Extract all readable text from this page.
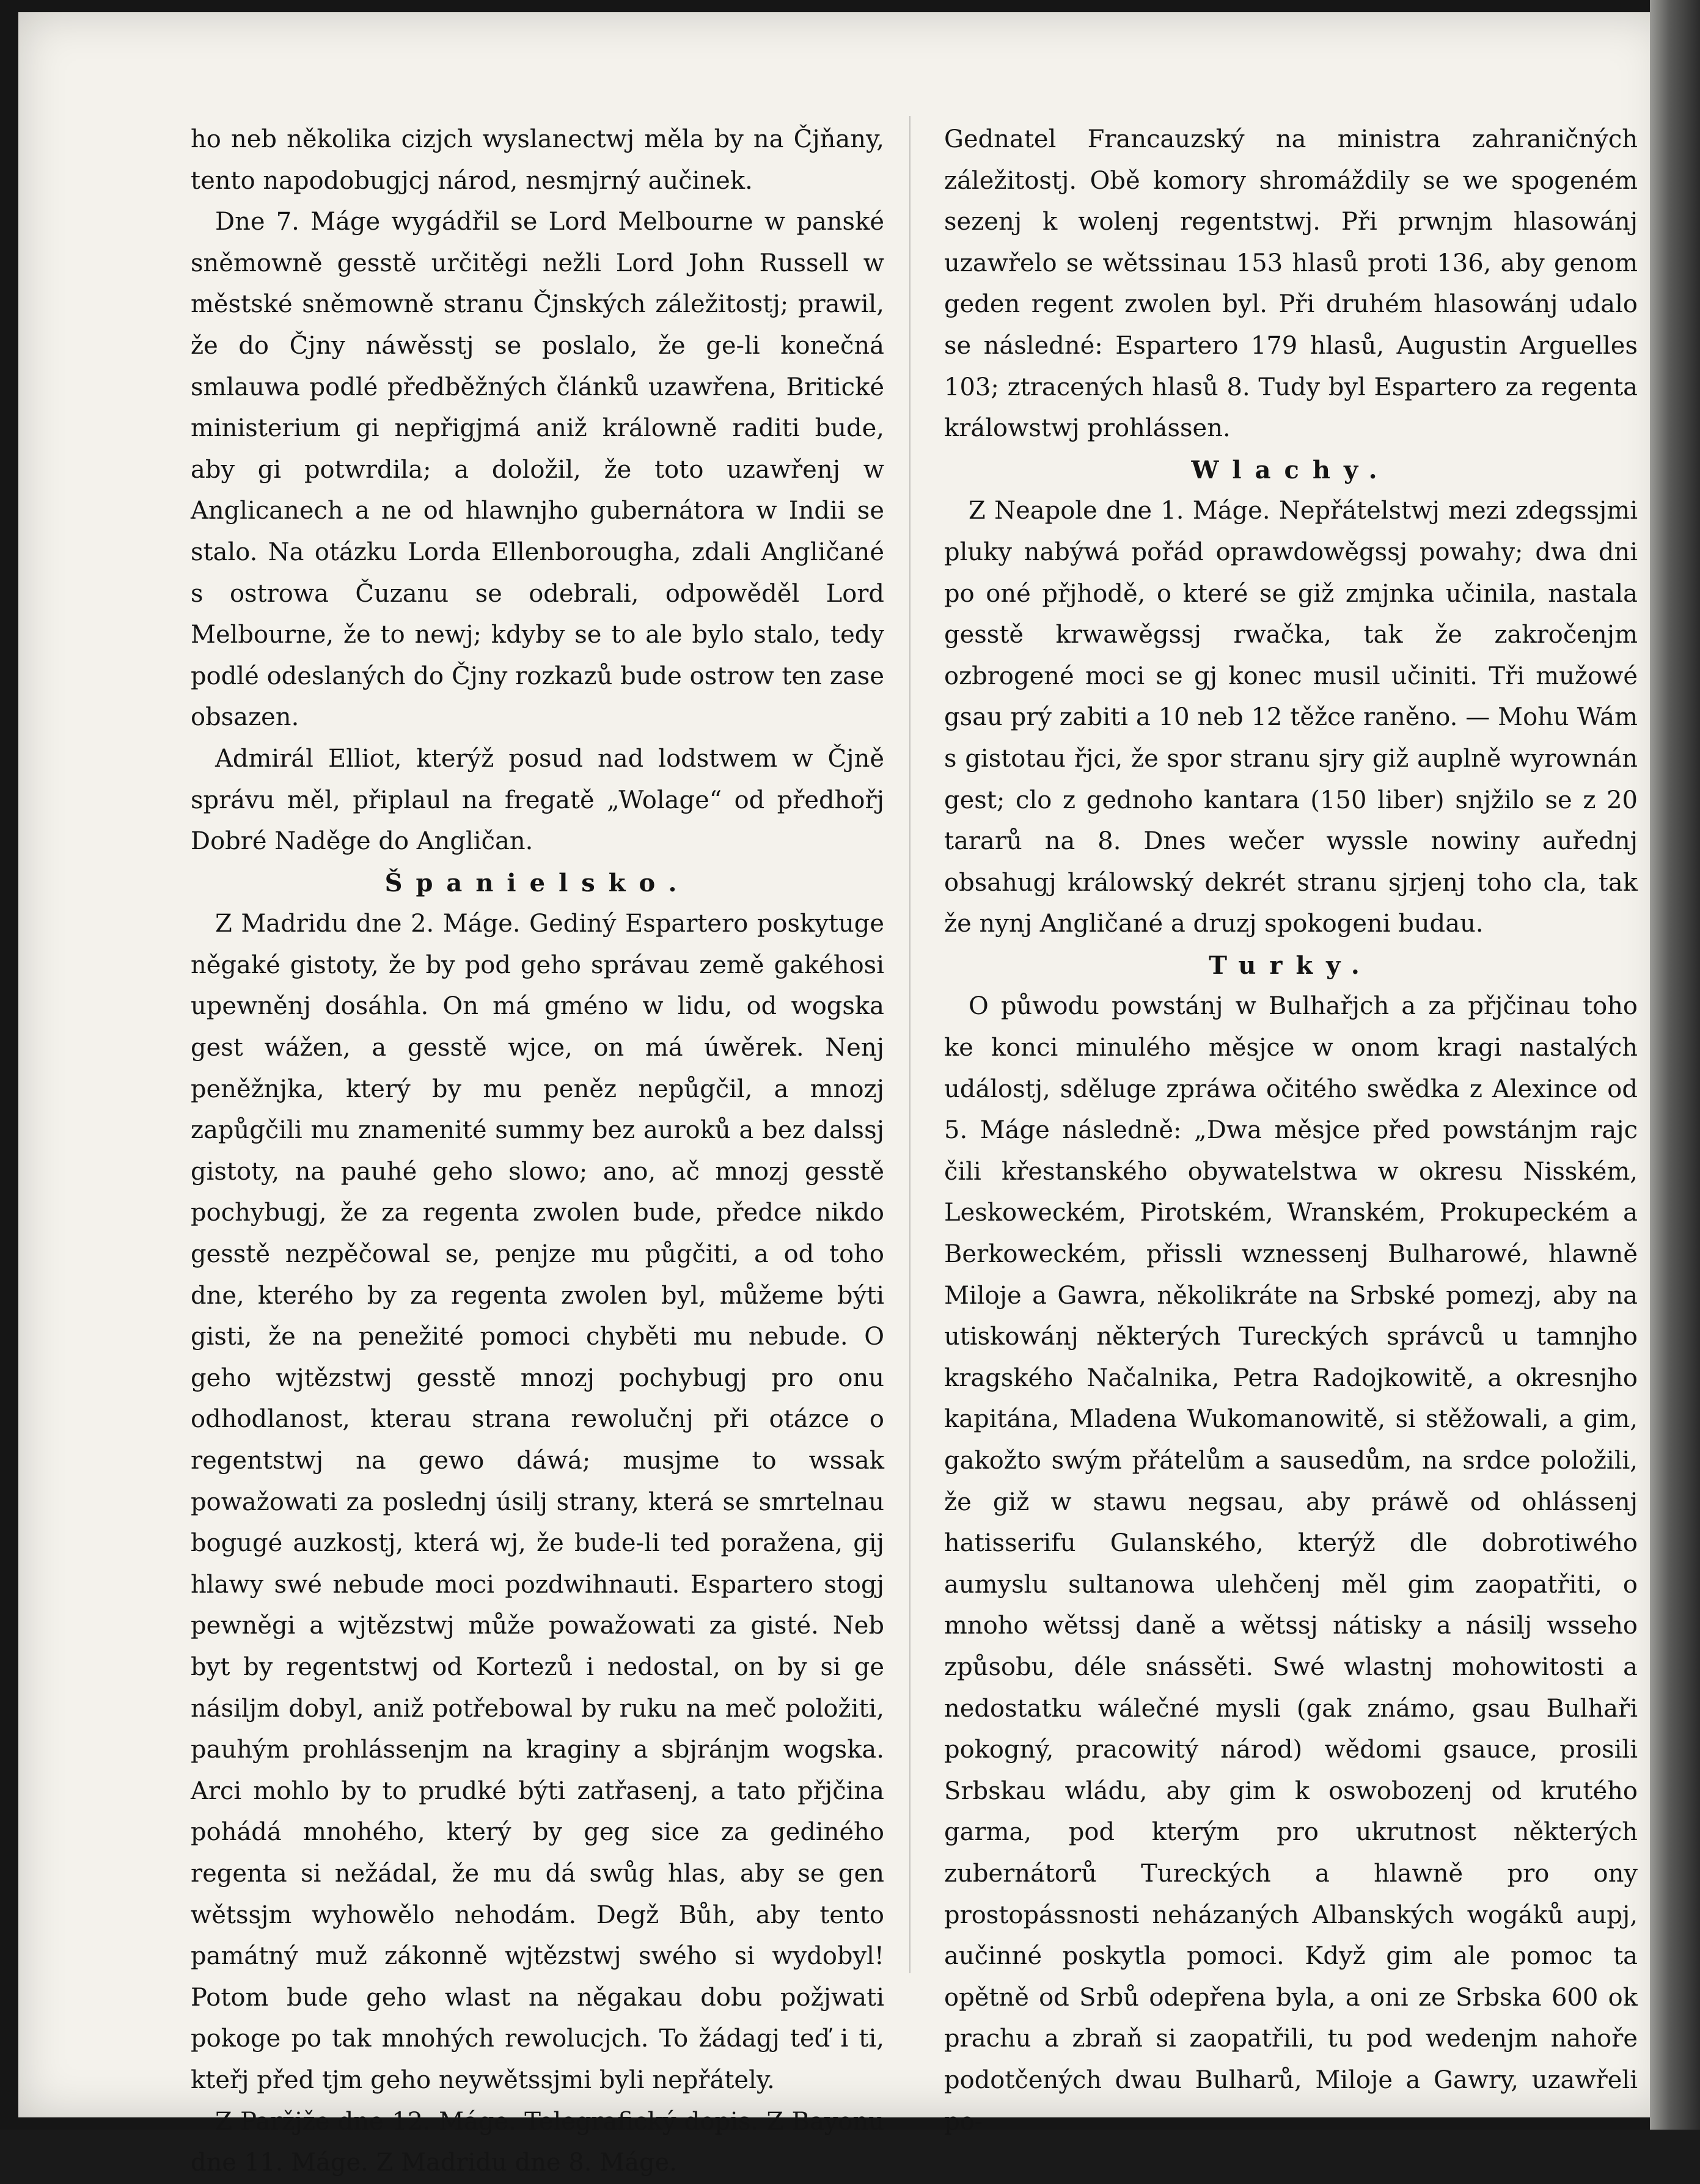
ho neb několika cizjch wyslanectwj měla by na Čjňany, tento napodobugjcj národ, nesmjrný aučinek.

Dne 7. Máge wygádřil se Lord Melbourne w panské sněmowně gesstě určitěgi nežli Lord John Russell w městské sněmowně stranu Čjnských záležitostj; prawil, že do Čjny náwěsstj se poslalo, že ge-li konečná smlauwa podlé předběžných článků uzawřena, Britické ministerium gi nepřigjmá aniž králowně raditi bude, aby gi potwrdila; a doložil, že toto uzawřenj w Anglicanech a ne od hlawnjho gubernátora w Indii se stalo. Na otázku Lorda Ellenborougha, zdali Angličané s ostrowa Čuzanu se odebrali, odpowěděl Lord Melbourne, že to newj; kdyby se to ale bylo stalo, tedy podlé odeslaných do Čjny rozkazů bude ostrow ten zase obsazen.

Admirál Elliot, kterýž posud nad lodstwem w Čjně správu měl, připlaul na fregatě „Wolage“ od předhořj Dobré Naděge do Angličan.

Španielsko.

Z Madridu dne 2. Máge. Gediný Espartero poskytuge něgaké gistoty, že by pod geho správau země gakéhosi upewněnj dosáhla. On má gméno w lidu, od wogska gest wážen, a gesstě wjce, on má úwěrek. Nenj peněžnjka, který by mu peněz nepůgčil, a mnozj zapůgčili mu znamenité summy bez auroků a bez dalssj gistoty, na pauhé geho slowo; ano, ač mnozj gesstě pochybugj, že za regenta zwolen bude, předce nikdo gesstě nezpěčowal se, penjze mu půgčiti, a od toho dne, kterého by za regenta zwolen byl, můžeme býti gisti, že na penežité pomoci chyběti mu nebude. O geho wjtězstwj gesstě mnozj pochybugj pro onu odhodlanost, kterau strana rewolučnj při otázce o regentstwj na gewo dáwá; musjme to wssak powažowati za poslednj úsilj strany, která se smrtelnau bogugé auzkostj, která wj, že bude-li ted poražena, gij hlawy swé nebude moci pozdwihnauti. Espartero stogj pewněgi a wjtězstwj může powažowati za gisté. Neb byt by regentstwj od Kortezů i nedostal, on by si ge násiljm dobyl, aniž potřebowal by ruku na meč položiti, pauhým prohlássenjm na kraginy a sbjránjm wogska. Arci mohlo by to prudké býti zatřasenj, a tato přjčina pohádá mnohého, který by geg sice za gediného regenta si nežádal, že mu dá swůg hlas, aby se gen wětssjm wyhowělo nehodám. Degž Bůh, aby tento památný muž zákonně wjtězstwj swého si wydobyl! Potom bude geho wlast na něgakau dobu požjwati pokoge po tak mnohých rewolucjch. To žádagj teď i ti, kteřj před tjm geho neywětssjmi byli nepřátely.

Z Paržjže dne 12. Máge. Telegrafický dopis. Z Bayonu dne 11. Máge. Z Madridu dne 8. Máge.

Gednatel Francauzský na ministra zahraničných záležitostj. Obě komory shromáždily se we spogeném sezenj k wolenj regentstwj. Při prwnjm hlasowánj uzawřelo se wětssinau 153 hlasů proti 136, aby genom geden regent zwolen byl. Při druhém hlasowánj udalo se následné: Espartero 179 hlasů, Augustin Arguelles 103; ztracených hlasů 8. Tudy byl Espartero za regenta králowstwj prohlássen.

Wlachy.

Z Neapole dne 1. Máge. Nepřátelstwj mezi zdegssjmi pluky nabýwá pořád oprawdowěgssj powahy; dwa dni po oné přjhodě, o které se giž zmjnka učinila, nastala gesstě krwawěgssj rwačka, tak že zakročenjm ozbrogené moci se gj konec musil učiniti. Tři mužowé gsau prý zabiti a 10 neb 12 těžce raněno. — Mohu Wám s gistotau řjci, že spor stranu sjry giž auplně wyrownán gest; clo z gednoho kantara (150 liber) snjžilo se z 20 tararů na 8. Dnes wečer wyssle nowiny auřednj obsahugj králowský dekrét stranu sjrjenj toho cla, tak že nynj Angličané a druzj spokogeni budau.

Turky.

O půwodu powstánj w Bulhařjch a za přjčinau toho ke konci minulého měsjce w onom kragi nastalých událostj, sděluge zpráwa očitého swědka z Alexince od 5. Máge následně: „Dwa měsjce před powstánjm rajc čili křestanského obywatelstwa w okresu Nisském, Leskoweckém, Pirotském, Wranském, Prokupeckém a Berkoweckém, přissli wznessenj Bulharowé, hlawně Miloje a Gawra, několikráte na Srbské pomezj, aby na utiskowánj některých Tureckých správců u tamnjho kragského Načalnika, Petra Radojkowitě, a okresnjho kapitána, Mladena Wukomanowitě, si stěžowali, a gim, gakožto swým přátelům a sausedům, na srdce položili, že giž w stawu negsau, aby práwě od ohlássenj hatisserifu Gulanského, kterýž dle dobrotiwého aumyslu sultanowa ulehčenj měl gim zaopatřiti, o mnoho wětssj daně a wětssj nátisky a násilj wsseho způsobu, déle snássěti. Swé wlastnj mohowitosti a nedostatku wálečné mysli (gak známo, gsau Bulhaři pokogný, pracowitý národ) wědomi gsauce, prosili Srbskau wládu, aby gim k oswobozenj od krutého garma, pod kterým pro ukrutnost některých zubernátorů Tureckých a hlawně pro ony prostopássnosti neházaných Albanských wogáků aupj, aučinné poskytla pomoci. Když gim ale pomoc ta opětně od Srbů odepřena byla, a oni ze Srbska 600 ok prachu a zbraň si zaopatřili, tu pod wedenjm nahoře podotčených dwau Bulharů, Miloje a Gawry, uzawřeli po-
